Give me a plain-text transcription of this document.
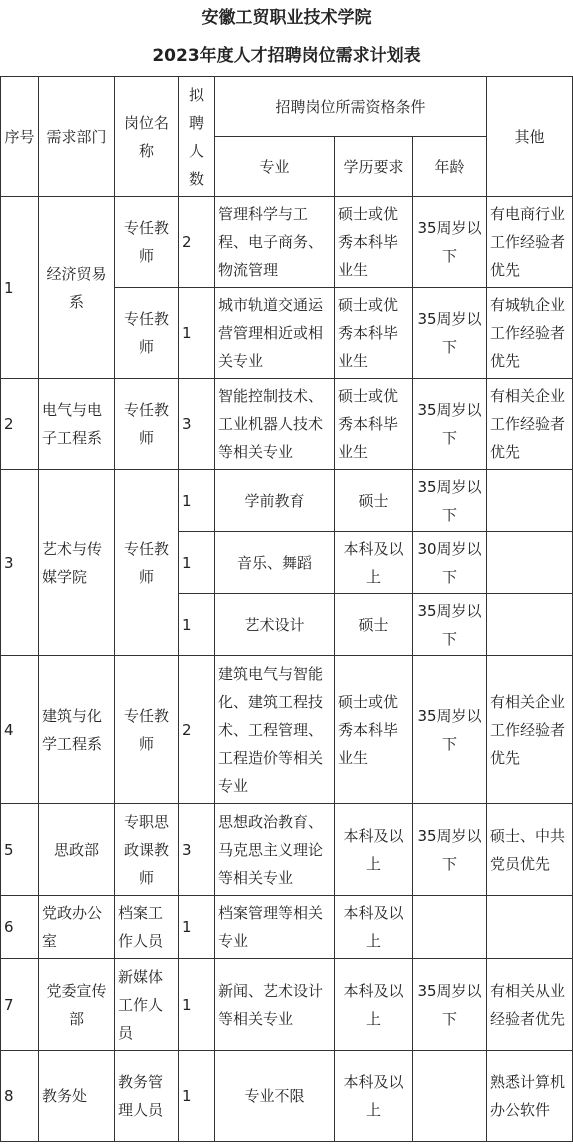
安徽工贸职业技术学院
2023年度人才招聘岗位需求计划表
序号	需求部门	岗位名称	拟聘人数	招聘岗位所需资格条件			其他
				专业	学历要求	年龄	
1	经济贸易系	专任教师	2	管理科学与工程、电子商务、物流管理	硕士或优秀本科毕业生	35周岁以下	有电商行业工作经验者优先
		专任教师	1	城市轨道交通运营管理相近或相关专业	硕士或优秀本科毕业生	35周岁以下	有城轨企业工作经验者优先
2	电气与电子工程系	专任教师	3	智能控制技术、工业机器人技术等相关专业	硕士或优秀本科毕业生	35周岁以下	有相关企业工作经验者优先
3	艺术与传媒学院	专任教师	1	学前教育	硕士	35周岁以下	
			1	音乐、舞蹈	本科及以上	30周岁以下	
			1	艺术设计	硕士	35周岁以下	
4	建筑与化学工程系	专任教师	2	建筑电气与智能化、建筑工程技术、工程管理、工程造价等相关专业	硕士或优秀本科毕业生	35周岁以下	有相关企业工作经验者优先
5	思政部	专职思政课教师	3	思想政治教育、马克思主义理论等相关专业	本科及以上	35周岁以下	硕士、中共党员优先
6	党政办公室	档案工作人员	1	档案管理等相关专业	本科及以上		
7	党委宣传部	新媒体工作人员	1	新闻、艺术设计等相关专业	本科及以上	35周岁以下	有相关从业经验者优先
8	教务处	教务管理人员	1	专业不限	本科及以上		熟悉计算机办公软件
